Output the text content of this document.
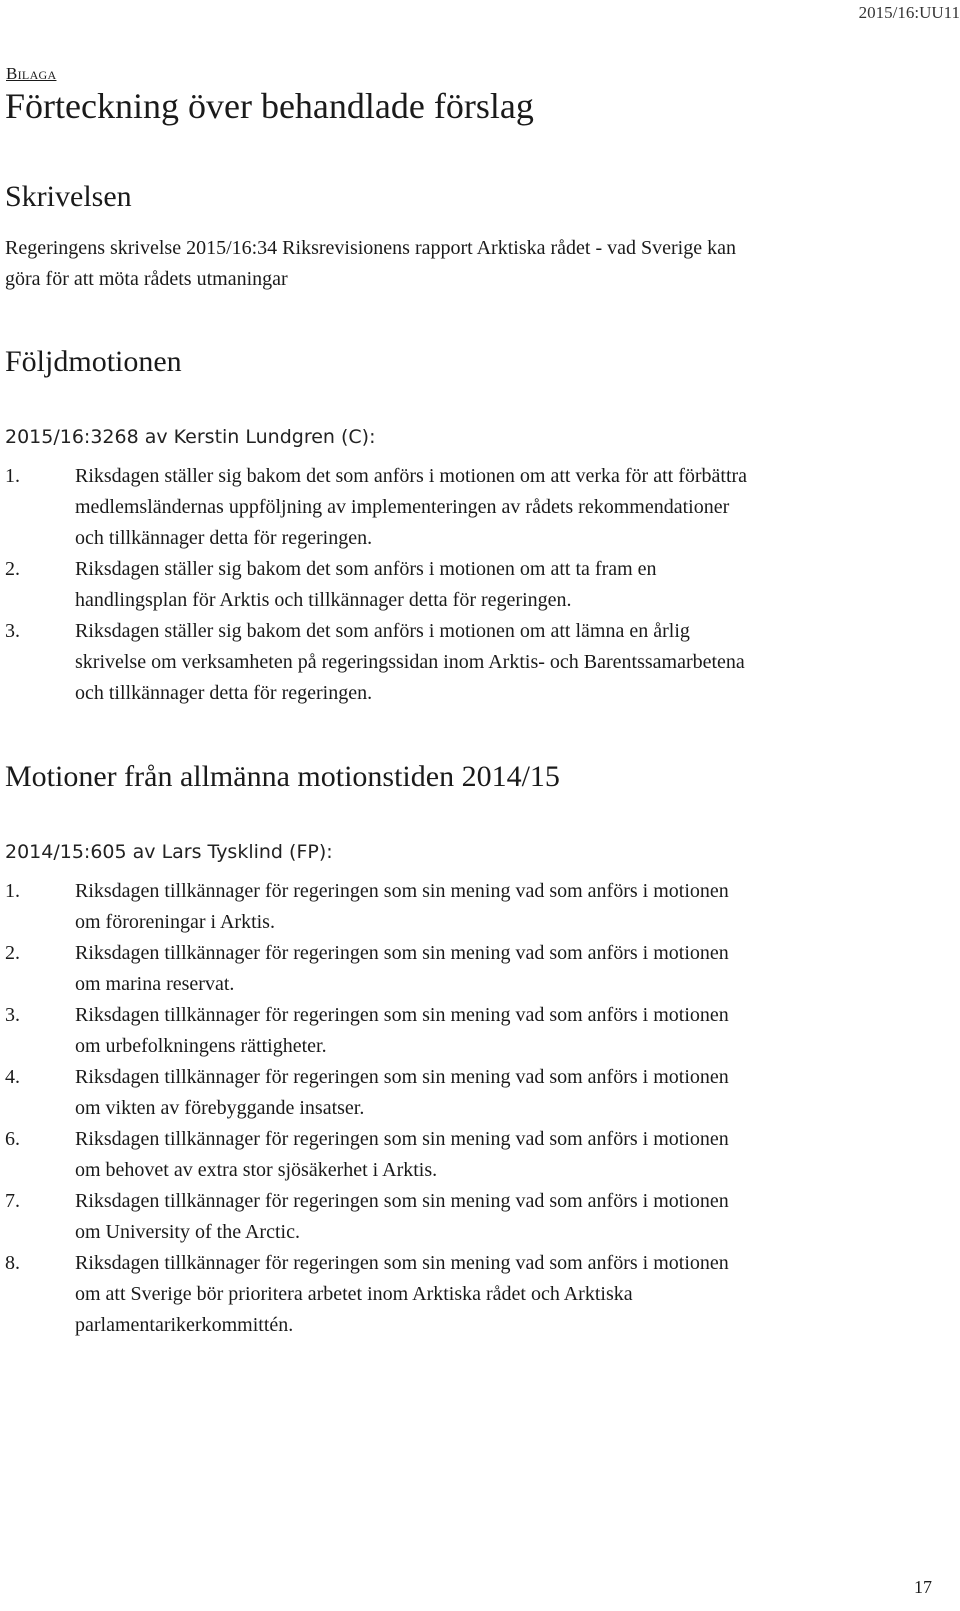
2015/16:UU11
Bilaga
Förteckning över behandlade förslag
Skrivelsen

Regeringens skrivelse 2015/16:34 Riksrevisionens rapport Arktiska rådet - vad Sverige kan göra för att möta rådets utmaningar

Följdmotionen

2015/16:3268 av Kerstin Lundgren (C):

1.	Riksdagen ställer sig bakom det som anförs i motionen om att verka för att förbättra medlemsländernas uppföljning av implementeringen av rådets rekommendationer och tillkännager detta för regeringen.
2.	Riksdagen ställer sig bakom det som anförs i motionen om att ta fram en handlingsplan för Arktis och tillkännager detta för regeringen.
3.	Riksdagen ställer sig bakom det som anförs i motionen om att lämna en årlig skrivelse om verksamheten på regeringssidan inom Arktis- och Barentssamarbetena och tillkännager detta för regeringen.
Motioner från allmänna motionstiden 2014/15

2014/15:605 av Lars Tysklind (FP):

1.	Riksdagen tillkännager för regeringen som sin mening vad som anförs i motionen om föroreningar i Arktis.
2.	Riksdagen tillkännager för regeringen som sin mening vad som anförs i motionen om marina reservat.
3.	Riksdagen tillkännager för regeringen som sin mening vad som anförs i motionen om urbefolkningens rättigheter.
4.	Riksdagen tillkännager för regeringen som sin mening vad som anförs i motionen om vikten av förebyggande insatser.
6.	Riksdagen tillkännager för regeringen som sin mening vad som anförs i motionen om behovet av extra stor sjösäkerhet i Arktis.
7.	Riksdagen tillkännager för regeringen som sin mening vad som anförs i motionen om University of the Arctic.
8.	Riksdagen tillkännager för regeringen som sin mening vad som anförs i motionen om att Sverige bör prioritera arbetet inom Arktiska rådet och Arktiska parlamentarikerkommittén.
17
